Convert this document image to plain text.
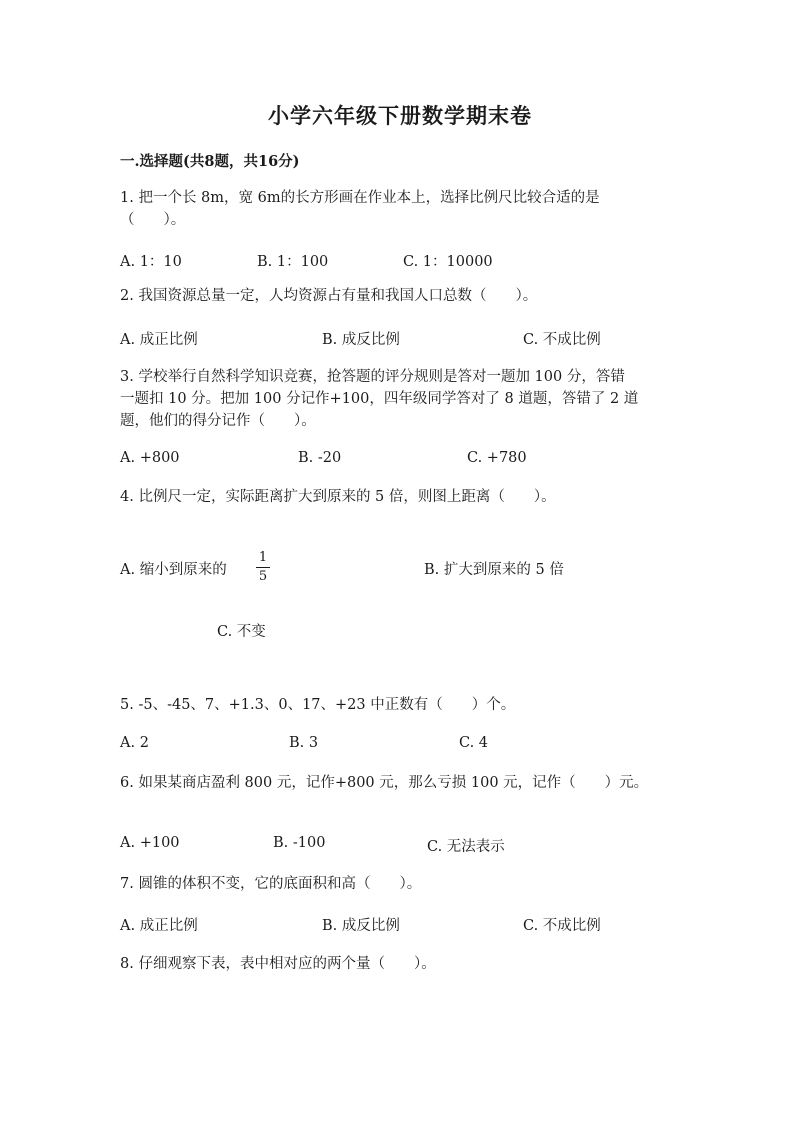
小学六年级下册数学期末卷
一.选择题(共8题，共16分)
1. 把一个长 8m，宽 6m的长方形画在作业本上，选择比例尺比较合适的是
（　　）。
A. 1：10	B. 1：100	C. 1：10000
2. 我国资源总量一定，人均资源占有量和我国人口总数（　　）。
A. 成正比例	B. 成反比例	C. 不成比例
3. 学校举行自然科学知识竞赛，抢答题的评分规则是答对一题加 100 分，答错
一题扣 10 分。把加 100 分记作+100，四年级同学答对了 8 道题，答错了 2 道
题，他们的得分记作（　　）。
A. +800	B. -20	C. +780
4. 比例尺一定，实际距离扩大到原来的 5 倍，则图上距离（　　）。
A. 缩小到原来的
1
5	B. 扩大到原来的 5 倍
C. 不变
5. -5、-45、7、+1.3、0、17、+23 中正数有（　　）个。
A. 2	B. 3	C. 4
6. 如果某商店盈利 800 元，记作+800 元，那么亏损 100 元，记作（　　）元。
A. +100	B. -100	C. 无法表示
7. 圆锥的体积不变，它的底面积和高（　　）。
A. 成正比例	B. 成反比例	C. 不成比例
8. 仔细观察下表，表中相对应的两个量（　　）。
